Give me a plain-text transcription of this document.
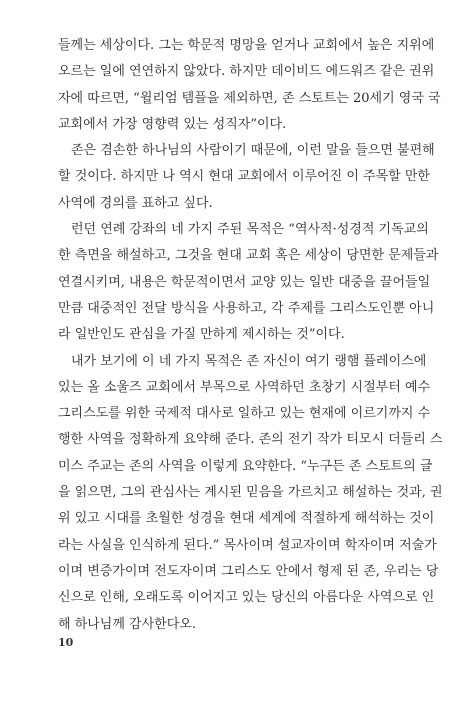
들께는 세상이다. 그는 학문적 명망을 얻거나 교회에서 높은 지위에
오르는 일에 연연하지 않았다. 하지만 데이비드 에드워즈 같은 권위
자에 따르면, “윌리엄 템플을 제외하면, 존 스토트는 20세기 영국 국
교회에서 가장 영향력 있는 성직자”이다.
존은 겸손한 하나님의 사람이기 때문에, 이런 말을 들으면 불편해
할 것이다. 하지만 나 역시 현대 교회에서 이루어진 이 주목할 만한
사역에 경의를 표하고 싶다.
런던 연례 강좌의 네 가지 주된 목적은 “역사적·성경적 기독교의
한 측면을 해설하고, 그것을 현대 교회 혹은 세상이 당면한 문제들과
연결시키며, 내용은 학문적이면서 교양 있는 일반 대중을 끌어들일
만큼 대중적인 전달 방식을 사용하고, 각 주제를 그리스도인뿐 아니
라 일반인도 관심을 가질 만하게 제시하는 것”이다.
내가 보기에 이 네 가지 목적은 존 자신이 여기 랭햄 플레이스에
있는 올 소울즈 교회에서 부목으로 사역하던 초창기 시절부터 예수
그리스도를 위한 국제적 대사로 일하고 있는 현재에 이르기까지 수
행한 사역을 정확하게 요약해 준다. 존의 전기 작가 티모시 더들리 스
미스 주교는 존의 사역을 이렇게 요약한다. “누구든 존 스토트의 글
을 읽으면, 그의 관심사는 계시된 믿음을 가르치고 해설하는 것과, 권
위 있고 시대를 초월한 성경을 현대 세계에 적절하게 해석하는 것이
라는 사실을 인식하게 된다.” 목사이며 설교자이며 학자이며 저술가
이며 변증가이며 전도자이며 그리스도 안에서 형제 된 존, 우리는 당
신으로 인해, 오래도록 이어지고 있는 당신의 아름다운 사역으로 인
해 하나님께 감사한다오.
10
